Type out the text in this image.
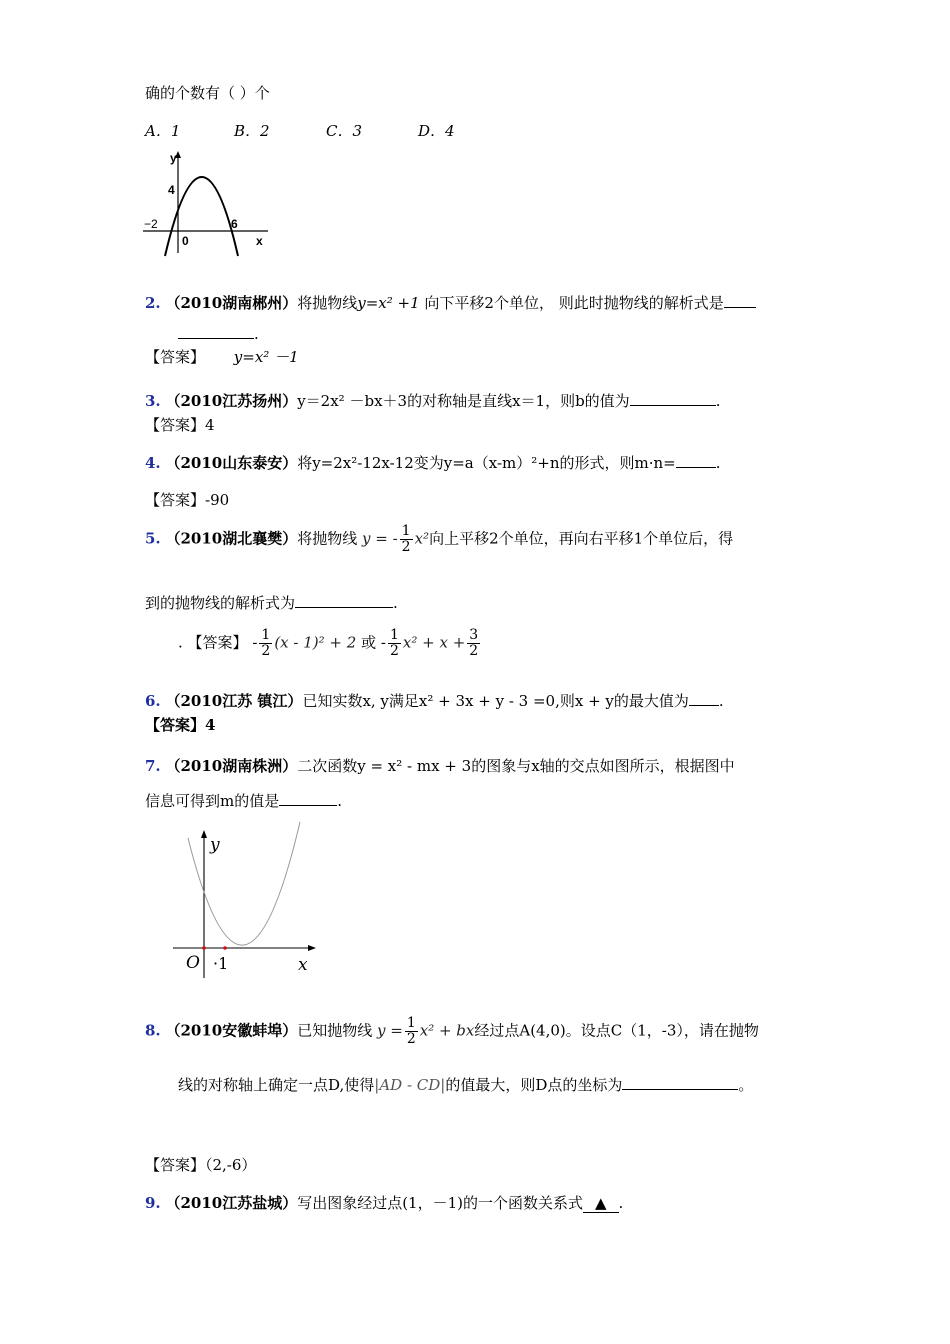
确的个数有（ ）个
A．1	B．2	C．3	D．4
y
4
−2
0
6
x
2. （2010湖南郴州）将抛物线y=x² +1 向下平移2个单位， 则此时抛物线的解析式是
.
【答案】 y=x² －1
3. （2010江苏扬州）y＝2x² －bx＋3的对称轴是直线x＝1，则b的值为	.
【答案】4
4. （2010山东泰安）将y=2x²-12x-12变为y=a（x-m）²+n的形式，则m·n=	.
【答案】-90
5. （2010湖北襄樊）将抛物线 y = - $\frac{1}{2} x^2$向上平移2个单位，再向右平移1个单位后，得
到的抛物线的解析式为	.
. 【答案】 - $\frac{1}{2} (x - 1)^2 + 2$ 或 - $\frac{1}{2} x^2 + x + \frac{3}{2}$
6. （2010江苏 镇江）已知实数x, y满足x² + 3x + y - 3 =0,则x + y的最大值为 .
【答案】4
7. （2010湖南株洲）二次函数y = x² - mx + 3的图象与x轴的交点如图所示，根据图中
信息可得到m的值是	.
y
O ·1	x
8. （2010安徽蚌埠）已知抛物线 $y = \frac{1}{2} x^2$ + bx经过点A(4,0)。设点C（1，-3），请在抛物
线的对称轴上确定一点D,使得|AD - CD|的值最大，则D点的坐标为	。
【答案】（2,-6）
9. （2010江苏盐城）写出图象经过点(1，－1)的一个函数关系式 ▲ .
